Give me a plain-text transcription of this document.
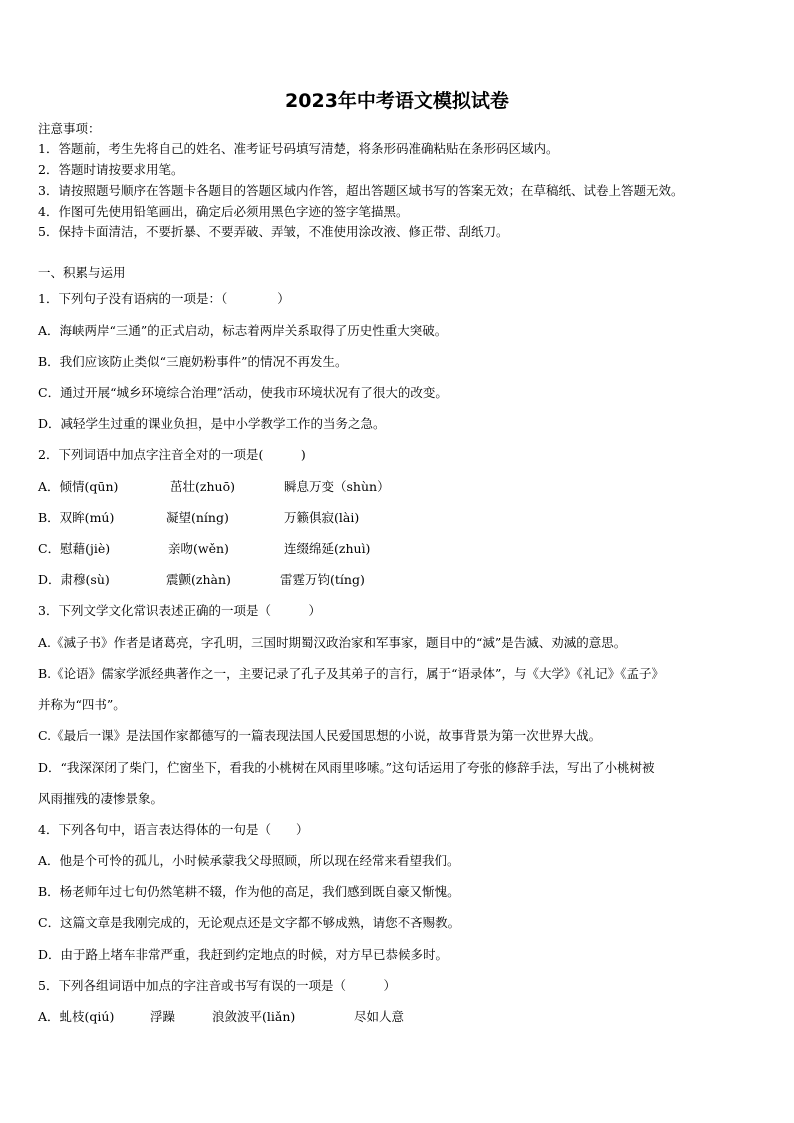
2023年中考语文模拟试卷
注意事项：
1．答题前，考生先将自己的姓名、准考证号码填写清楚，将条形码准确粘贴在条形码区域内。
2．答题时请按要求用笔。
3．请按照题号顺序在答题卡各题目的答题区域内作答，超出答题区域书写的答案无效；在草稿纸、试卷上答题无效。
4．作图可先使用铅笔画出，确定后必须用黑色字迹的签字笔描黑。
5．保持卡面清洁，不要折暴、不要弄破、弄皱，不准使用涂改液、修正带、刮纸刀。
一、积累与运用
1．下列句子没有语病的一项是：（　　　　）
A．海峡两岸“三通”的正式启动，标志着两岸关系取得了历史性重大突破。
B．我们应该防止类似“三鹿奶粉事件”的情况不再发生。
C．通过开展“城乡环境综合治理”活动，使我市环境状况有了很大的改变。
D．减轻学生过重的课业负担，是中小学教学工作的当务之急。
2．下列词语中加点字注音全对的一项是(　　　)
A．倾情(qūn)	茁壮(zhuō)	瞬息万变（shùn）
B．双眸(mú)	凝望(níng)	万籁俱寂(lài)
C．慰藉(jiè)	亲吻(wěn)	连缀绵延(zhuì)
D．肃穆(sù)	震颤(zhàn)	雷霆万钧(tíng)
3．下列文学文化常识表述正确的一项是（　　　）
A.《滅子书》作者是诸葛亮，字孔明，三国时期蜀汉政治家和军事家，题目中的“滅”是告滅、劝滅的意思。
B.《论语》儒家学派经典著作之一，主要记录了孔子及其弟子的言行，属于“语录体”，与《大学》《礼记》《孟子》
并称为“四书”。
C.《最后一课》是法国作家都德写的一篇表现法国人民爱国思想的小说，故事背景为第一次世界大战。
D．“我深深闭了柴门，伫窗坐下，看我的小桃树在风雨里哆嗦。”这句话运用了夸张的修辞手法，写出了小桃树被
风雨摧残的凄惨景象。
4．下列各句中，语言表达得体的一句是（　　）
A．他是个可怜的孤儿，小时候承蒙我父母照顾，所以现在经常来看望我们。
B．杨老师年过七旬仍然笔耕不辍，作为他的高足，我们感到既自豪又惭愧。
C．这篇文章是我刚完成的，无论观点还是文字都不够成熟，请您不吝赐教。
D．由于路上堵车非常严重，我赶到约定地点的时候，对方早已恭候多时。
5．下列各组词语中加点的字注音或书写有误的一项是（　　　）
A．虬枝(qiú)	浮躁	浪敛波平(liǎn)	尽如人意
